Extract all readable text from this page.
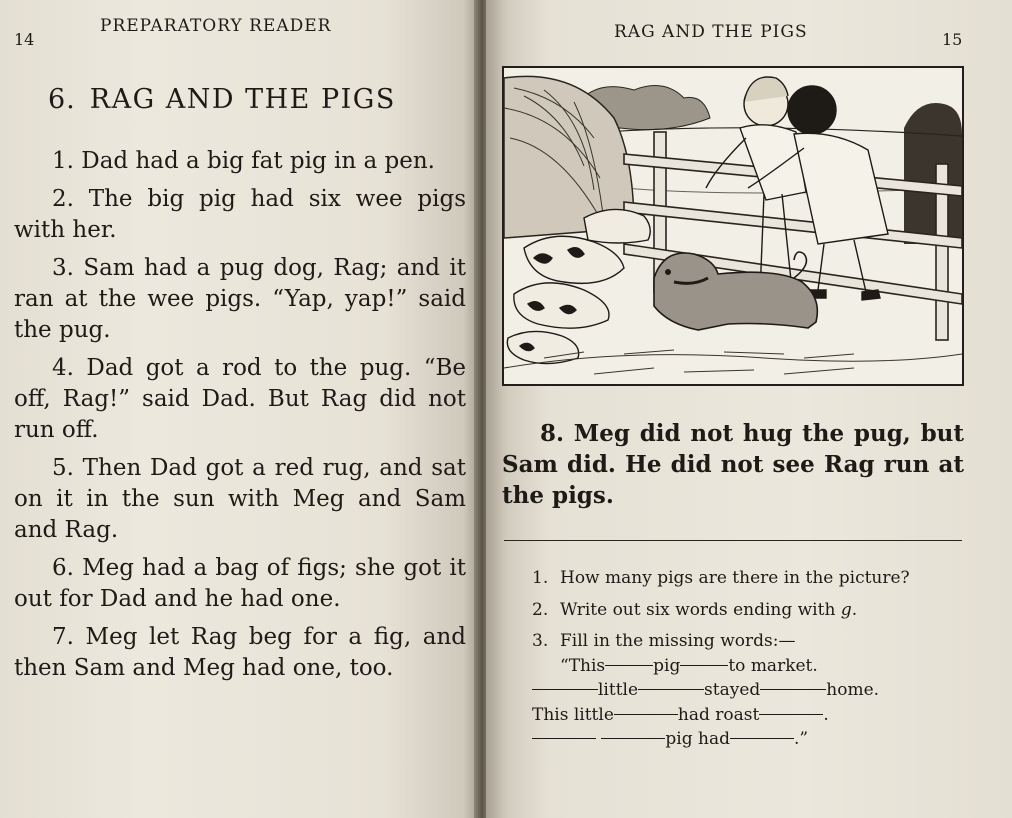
14
PREPARATORY READER
6. RAG AND THE PIGS

1. Dad had a big fat pig in a pen.

2. The big pig had six wee pigs with her.

3. Sam had a pug dog, Rag; and it ran at the wee pigs. “Yap, yap!” said the pug.

4. Dad got a rod to the pug. “Be off, Rag!” said Dad. But Rag did not run off.

5. Then Dad got a red rug, and sat on it in the sun with Meg and Sam and Rag.

6. Meg had a bag of figs; she got it out for Dad and he had one.

7. Meg let Rag beg for a fig, and then Sam and Meg had one, too.

RAG AND THE PIGS	15

8. Meg did not hug the pug, but Sam did. He did not see Rag run at the pigs.

1. How many pigs are there in the picture?
2. Write out six words ending with g.
3. Fill in the missing words:—
“This	pig	to market.
little	stayed	home.
This little	had roast	.
pig had	.”
